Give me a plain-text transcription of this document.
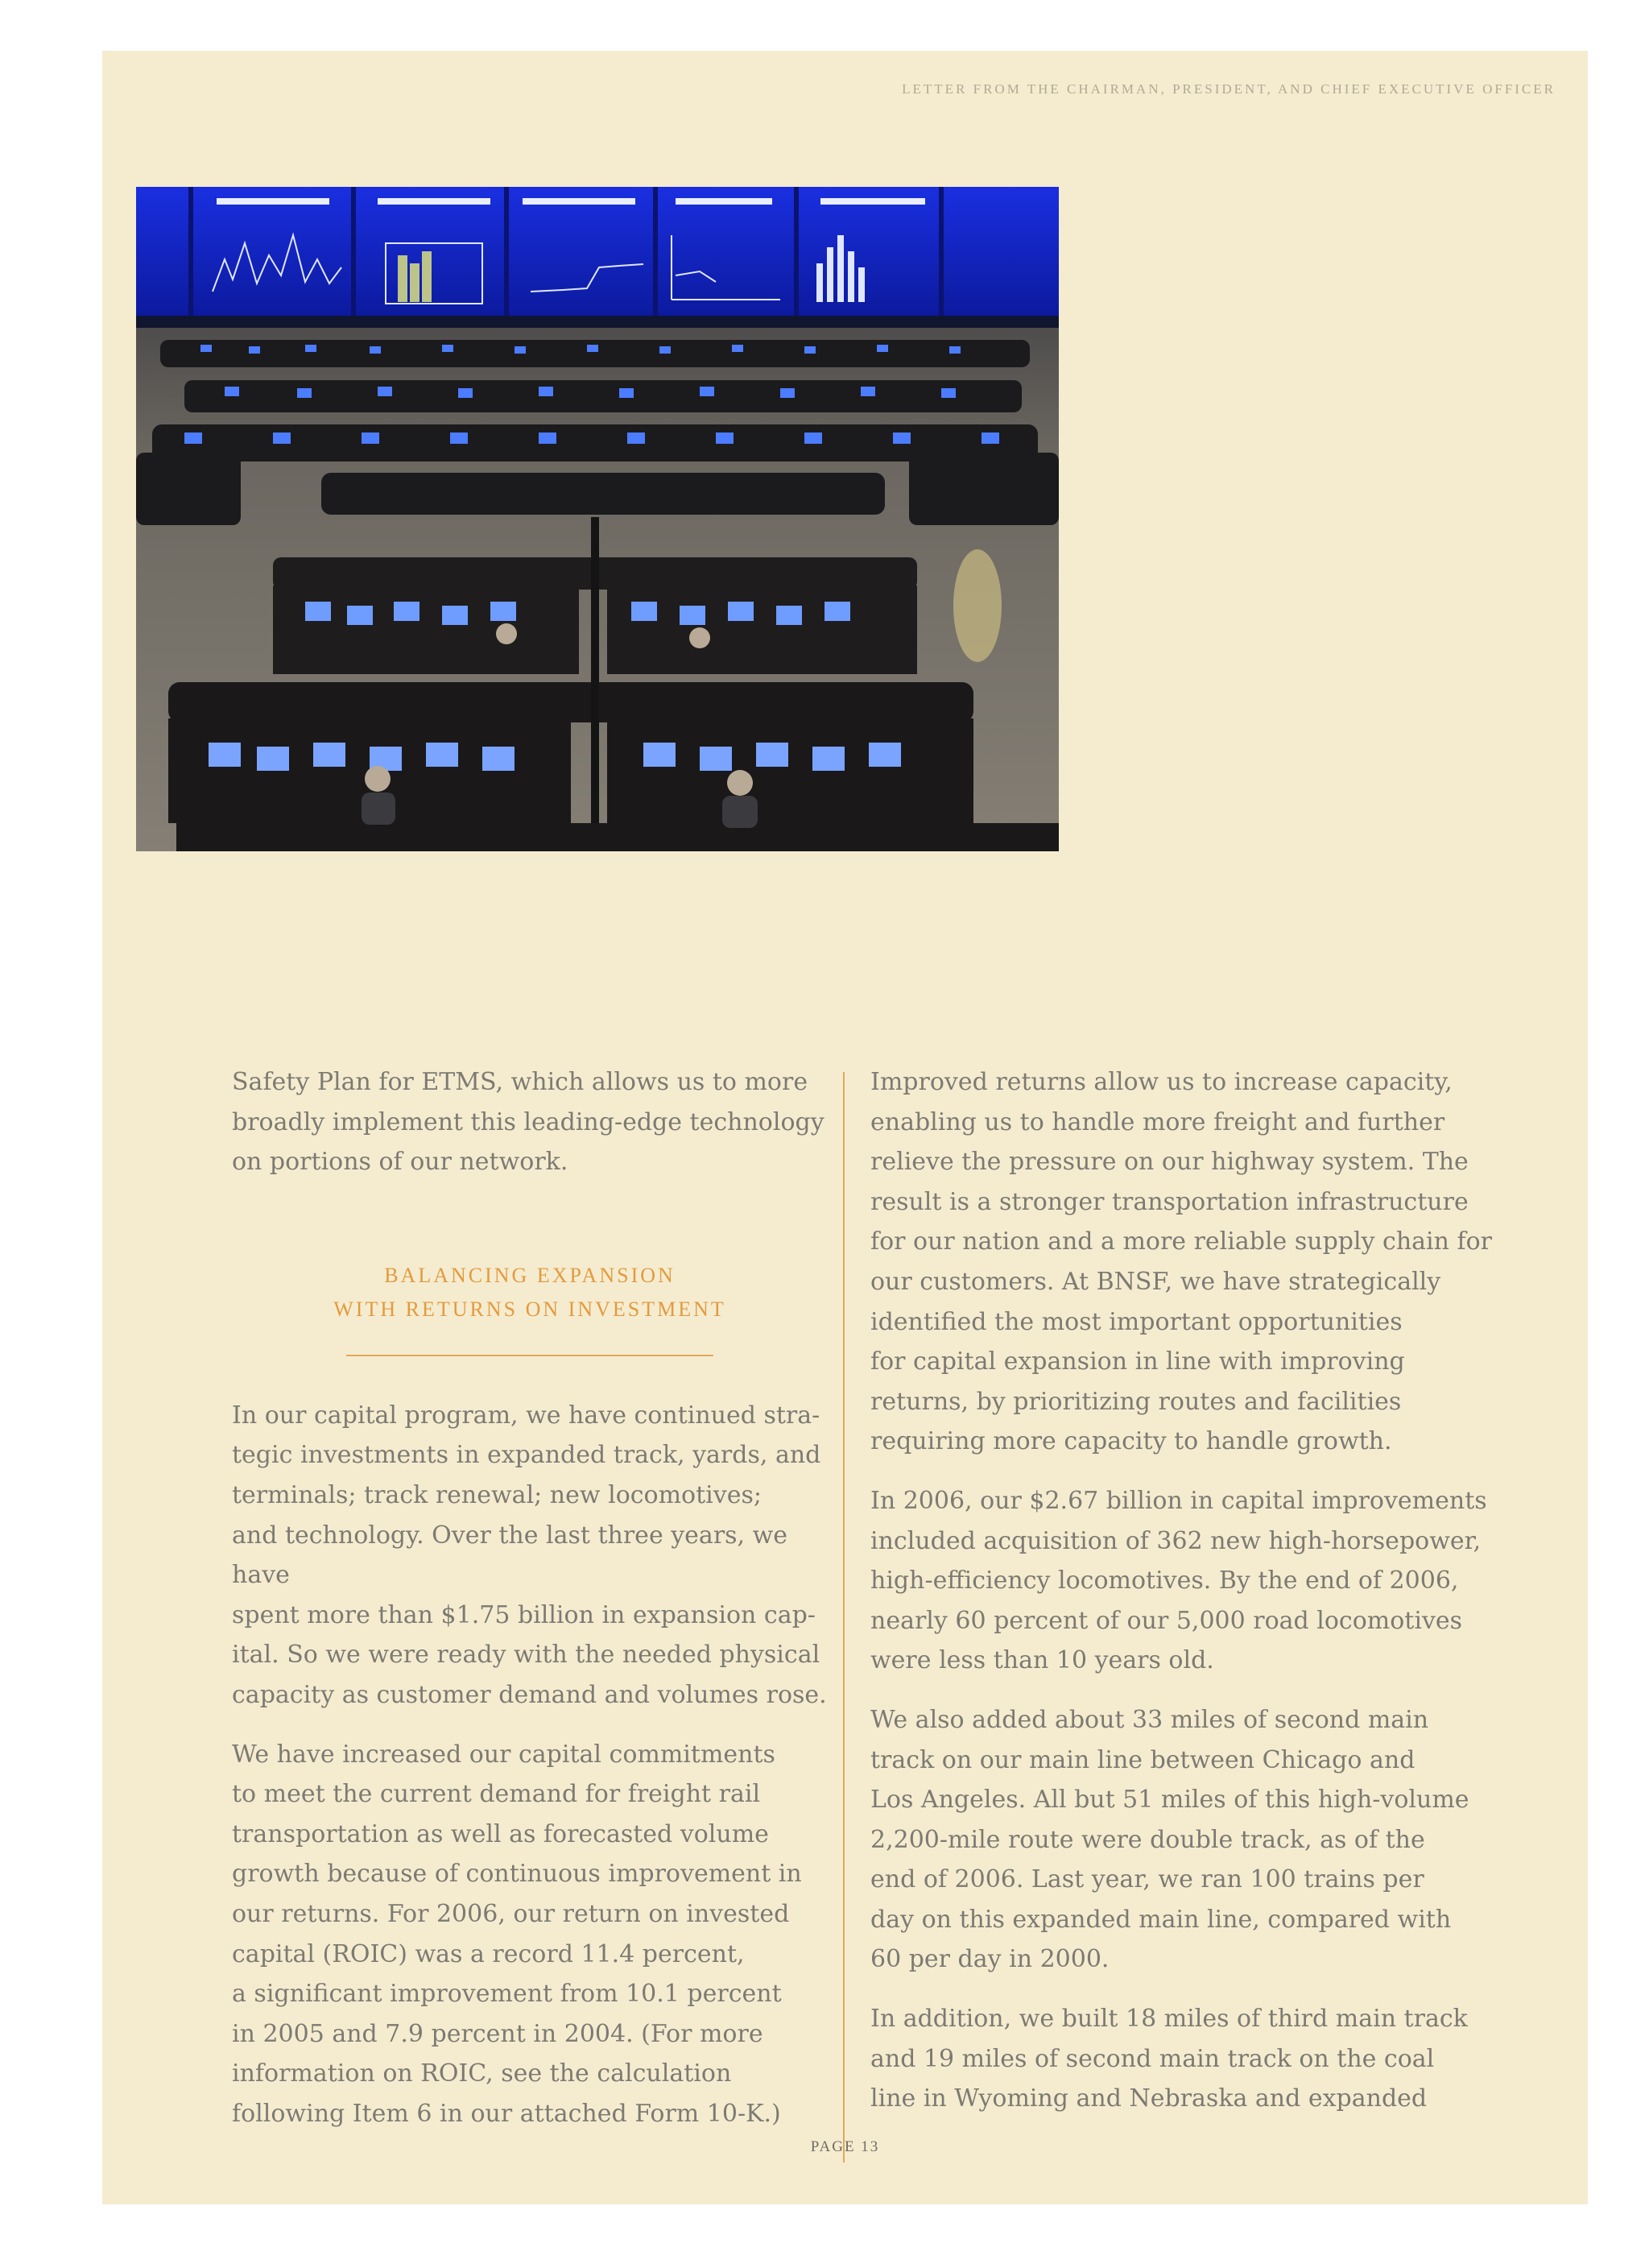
LETTER FROM THE CHAIRMAN, PRESIDENT, AND CHIEF EXECUTIVE OFFICER

Safety Plan for ETMS, which allows us to more
broadly implement this leading-edge technology
on portions of our network.

BALANCING EXPANSION
WITH RETURNS ON INVESTMENT

In our capital program, we have continued stra-
tegic investments in expanded track, yards, and
terminals; track renewal; new locomotives;
and technology. Over the last three years, we have
spent more than $1.75 billion in expansion cap-
ital. So we were ready with the needed physical
capacity as customer demand and volumes rose.

We have increased our capital commitments
to meet the current demand for freight rail
transportation as well as forecasted volume
growth because of continuous improvement in
our returns. For 2006, our return on invested
capital (ROIC) was a record 11.4 percent,
a significant improvement from 10.1 percent
in 2005 and 7.9 percent in 2004. (For more
information on ROIC, see the calculation
following Item 6 in our attached Form 10-K.)

Improved returns allow us to increase capacity,
enabling us to handle more freight and further
relieve the pressure on our highway system. The
result is a stronger transportation infrastructure
for our nation and a more reliable supply chain for
our customers. At BNSF, we have strategically
identified the most important opportunities
for capital expansion in line with improving
returns, by prioritizing routes and facilities
requiring more capacity to handle growth.

In 2006, our $2.67 billion in capital improvements
included acquisition of 362 new high-horsepower,
high-efficiency locomotives. By the end of 2006,
nearly 60 percent of our 5,000 road locomotives
were less than 10 years old.

We also added about 33 miles of second main
track on our main line between Chicago and
Los Angeles. All but 51 miles of this high-volume
2,200-mile route were double track, as of the
end of 2006. Last year, we ran 100 trains per
day on this expanded main line, compared with
60 per day in 2000.

In addition, we built 18 miles of third main track
and 19 miles of second main track on the coal
line in Wyoming and Nebraska and expanded

PAGE 13
